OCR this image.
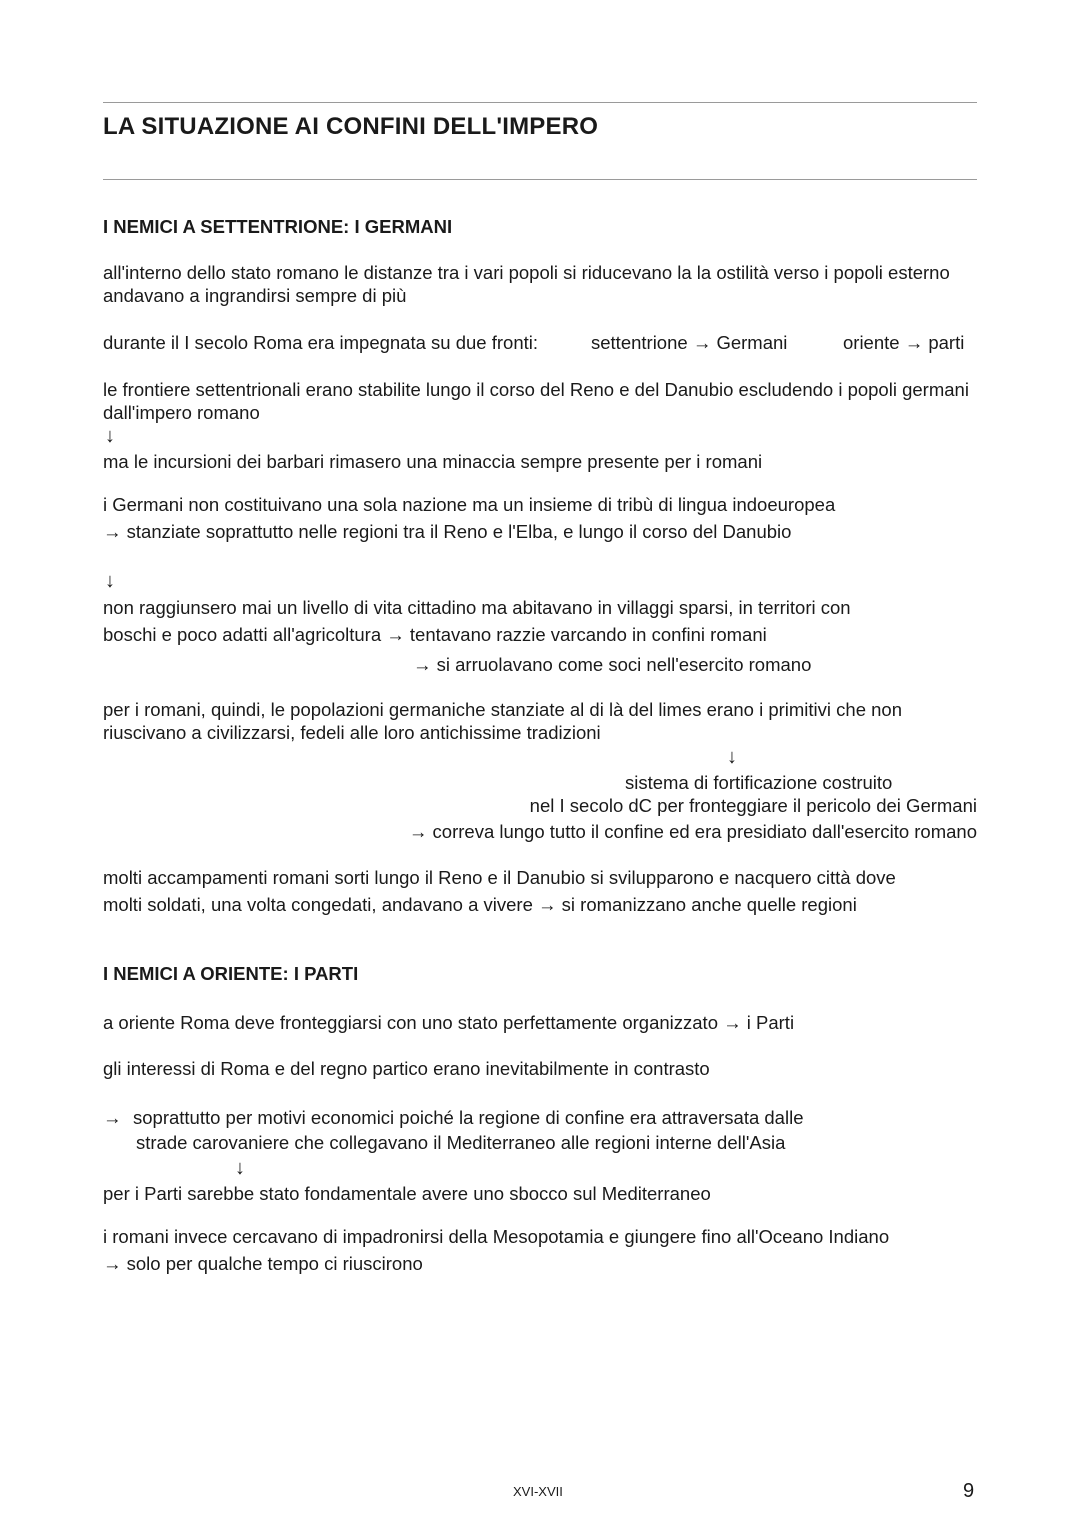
LA SITUAZIONE AI CONFINI DELL'IMPERO
I NEMICI A SETTENTRIONE: I GERMANI
all'interno dello stato romano le distanze tra i vari popoli si riducevano la la ostilità verso i popoli esterno andavano a ingrandirsi sempre di più
durante il I secolo Roma era impegnata su due fronti:	settentrione → Germani	oriente → parti
le frontiere settentrionali erano stabilite lungo il corso del Reno e del Danubio escludendo i popoli germani dall'impero romano
↓
ma le incursioni dei barbari rimasero una minaccia sempre presente per i romani
i Germani non costituivano una sola nazione ma un insieme di tribù di lingua indoeuropea
→ stanziate soprattutto nelle regioni tra il Reno e l'Elba, e lungo il corso del Danubio
↓
non raggiunsero mai un livello di vita cittadino ma abitavano in villaggi sparsi, in territori con
boschi e poco adatti all'agricoltura → tentavano razzie varcando in confini romani
→ si arruolavano come soci nell'esercito romano
per i romani, quindi, le popolazioni germaniche stanziate al di là del limes erano i primitivi che non riuscivano a civilizzarsi, fedeli alle loro antichissime tradizioni
↓
sistema di fortificazione costruito
nel I secolo dC per fronteggiare il pericolo dei Germani
→ correva lungo tutto il confine ed era presidiato dall'esercito romano
molti accampamenti romani sorti lungo il Reno e il Danubio si svilupparono e nacquero città dove
molti soldati, una volta congedati, andavano a vivere → si romanizzano anche quelle regioni
I NEMICI A ORIENTE: I PARTI
a oriente Roma deve fronteggiarsi con uno stato perfettamente organizzato → i Parti
gli interessi di Roma e del regno partico erano inevitabilmente in contrasto
→ soprattutto per motivi economici poiché la regione di confine era attraversata dalle
strade carovaniere che collegavano il Mediterraneo alle regioni interne dell'Asia
↓
per i Parti sarebbe stato fondamentale avere uno sbocco sul Mediterraneo
i romani invece cercavano di impadronirsi della Mesopotamia e giungere fino all'Oceano Indiano
→ solo per qualche tempo ci riuscirono
XVI-XVII	9
